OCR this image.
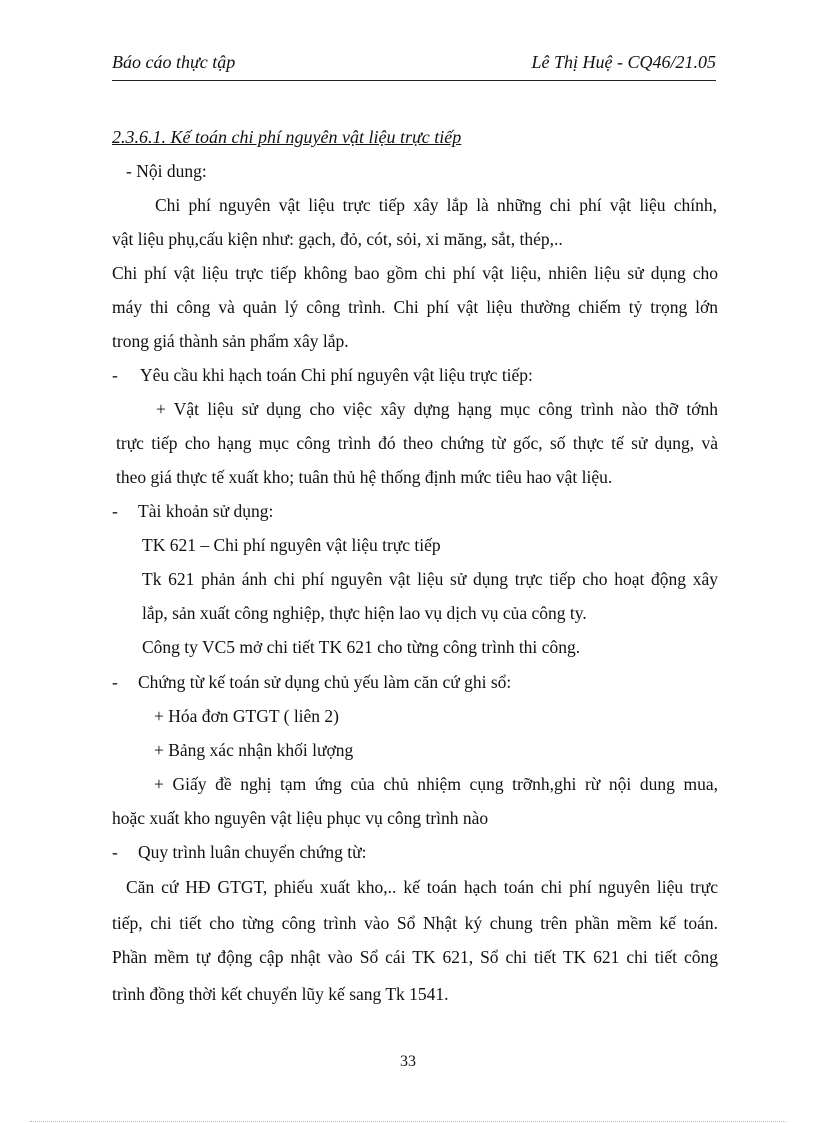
Báo cáo thực tập	Lê Thị Huệ - CQ46/21.05
2.3.6.1. Kế toán chi phí nguyên vật liệu trực tiếp
- Nội dung:
Chi phí nguyên vật liệu trực tiếp xây lắp là những chi phí vật liệu chính,
vật liệu phụ,cấu kiện như: gạch, đỏ, cót, sỏi, xi măng, sắt, thép,..
Chi phí vật liệu trực tiếp không bao gồm chi phí vật liệu, nhiên liệu sử dụng cho
máy thi công và quản lý công trình. Chi phí vật liệu thường chiếm tỷ trọng lớn
trong giá thành sản phẩm xây lắp.
- Yêu cầu khi hạch toán Chi phí nguyên vật liệu trực tiếp:
+ Vật liệu sử dụng cho việc xây dựng hạng mục công trình nào thỡ tớnh
trực tiếp cho hạng mục công trình đó theo chứng từ gốc, số thực tế sử dụng, và
theo giá thực tế xuất kho; tuân thủ hệ thống định mức tiêu hao vật liệu.
- Tài khoản sử dụng:
TK 621 – Chi phí nguyên vật liệu trực tiếp
Tk 621 phản ánh chi phí nguyên vật liệu sử dụng trực tiếp cho hoạt động xây
lắp, sản xuất công nghiệp, thực hiện lao vụ dịch vụ của công ty.
Công ty VC5 mở chi tiết TK 621 cho từng công trình thi công.
- Chứng từ kế toán sử dụng chủ yếu làm căn cứ ghi sổ:
+ Hóa đơn GTGT ( liên 2)
+ Bảng xác nhận khối lượng
+ Giấy đề nghị tạm ứng của chủ nhiệm cụng trỡnh,ghi rừ nội dung mua,
hoặc xuất kho nguyên vật liệu phục vụ công trình nào
- Quy trình luân chuyển chứng từ:
Căn cứ HĐ GTGT, phiếu xuất kho,.. kế toán hạch toán chi phí nguyên liệu trực
tiếp, chi tiết cho từng công trình vào Sổ Nhật ký chung trên phần mềm kế toán.
Phần mềm tự động cập nhật vào Sổ cái TK 621, Sổ chi tiết TK 621 chi tiết công
trình đồng thời kết chuyển lũy kế sang Tk 1541.
33
